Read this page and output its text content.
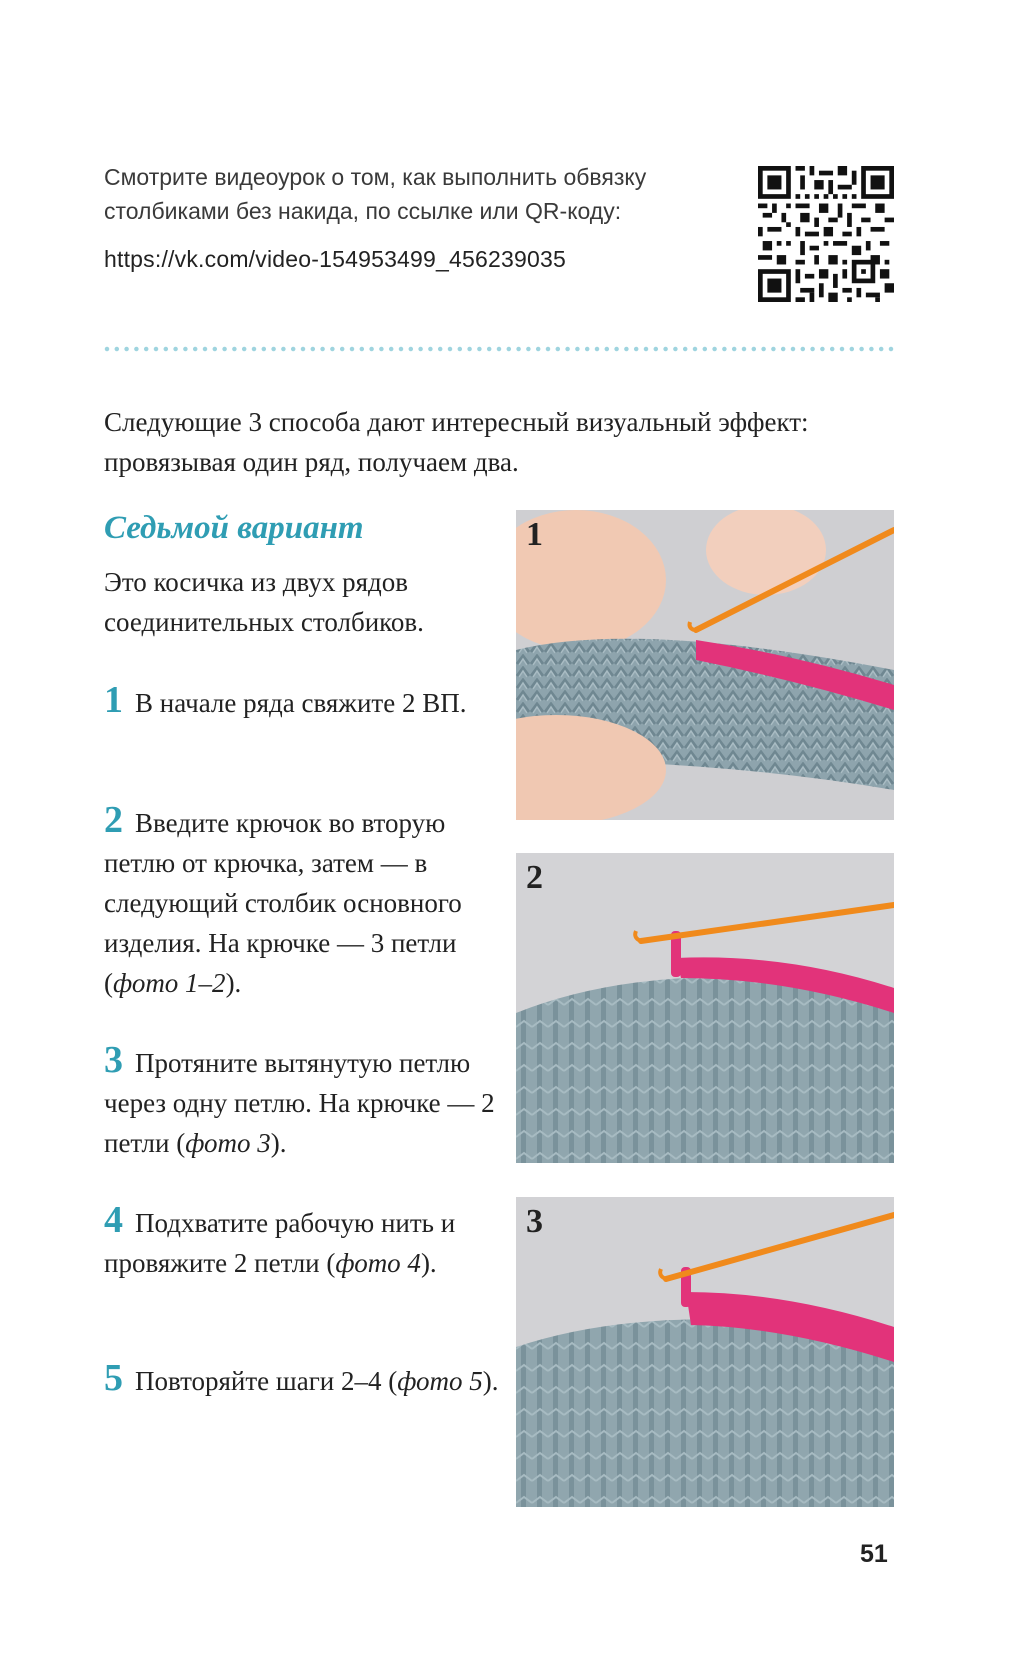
Смотрите видеоурок о том, как выполнить обвязку столбиками без накида, по ссылке или QR-коду:
https://vk.com/video-154953499_456239035
Следующие 3 способа дают интересный визуальный эффект: провязывая один ряд, получаем два.
Седьмой вариант
Это косичка из двух рядов соединительных столбиков.
1 В начале ряда свяжите 2 ВП.
2 Введите крючок во вторую петлю от крючка, затем — в следующий столбик основного изделия. На крючке — 3 петли (фото 1–2).
3 Протяните вытянутую петлю через одну петлю. На крючке — 2 петли (фото 3).
4 Подхватите рабочую нить и провяжите 2 петли (фото 4).
5 Повторяйте шаги 2–4 (фото 5).
1
2
3
51
